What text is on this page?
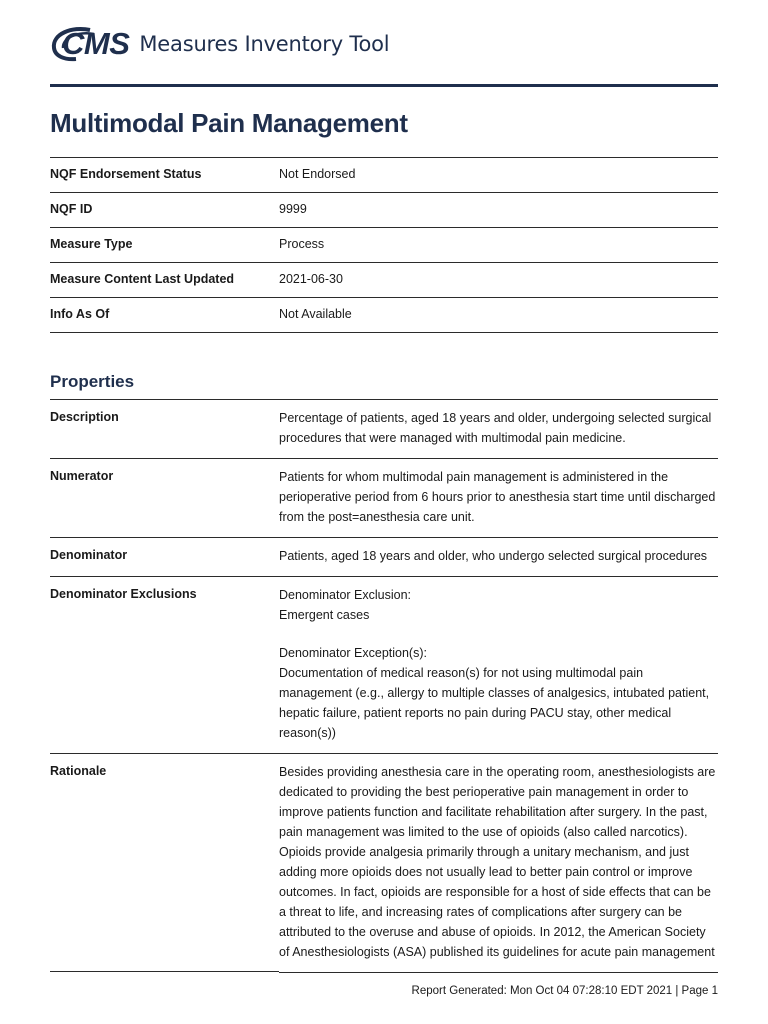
CMS Measures Inventory Tool
Multimodal Pain Management
NQF Endorsement Status	Not Endorsed

NQF ID	9999

Measure Type	Process

Measure Content Last Updated	2021-06-30

Info As Of	Not Available
Properties
Description	Percentage of patients, aged 18 years and older, undergoing selected surgical procedures that were managed with multimodal pain medicine.

Numerator	Patients for whom multimodal pain management is administered in the perioperative period from 6 hours prior to anesthesia start time until discharged from the post=anesthesia care unit.

Denominator	Patients, aged 18 years and older, who undergo selected surgical procedures

Denominator Exclusions	Denominator Exclusion:
Emergent cases
Denominator Exception(s):
Documentation of medical reason(s) for not using multimodal pain management (e.g., allergy to multiple classes of analgesics, intubated patient, hepatic failure, patient reports no pain during PACU stay, other medical reason(s))

Rationale	Besides providing anesthesia care in the operating room, anesthesiologists are dedicated to providing the best perioperative pain management in order to improve patients function and facilitate rehabilitation after surgery. In the past, pain management was limited to the use of opioids (also called narcotics). Opioids provide analgesia primarily through a unitary mechanism, and just adding more opioids does not usually lead to better pain control or improve outcomes. In fact, opioids are responsible for a host of side effects that can be a threat to life, and increasing rates of complications after surgery can be attributed to the overuse and abuse of opioids. In 2012, the American Society of Anesthesiologists (ASA) published its guidelines for acute pain management
Report Generated: Mon Oct 04 07:28:10 EDT 2021 | Page 1
